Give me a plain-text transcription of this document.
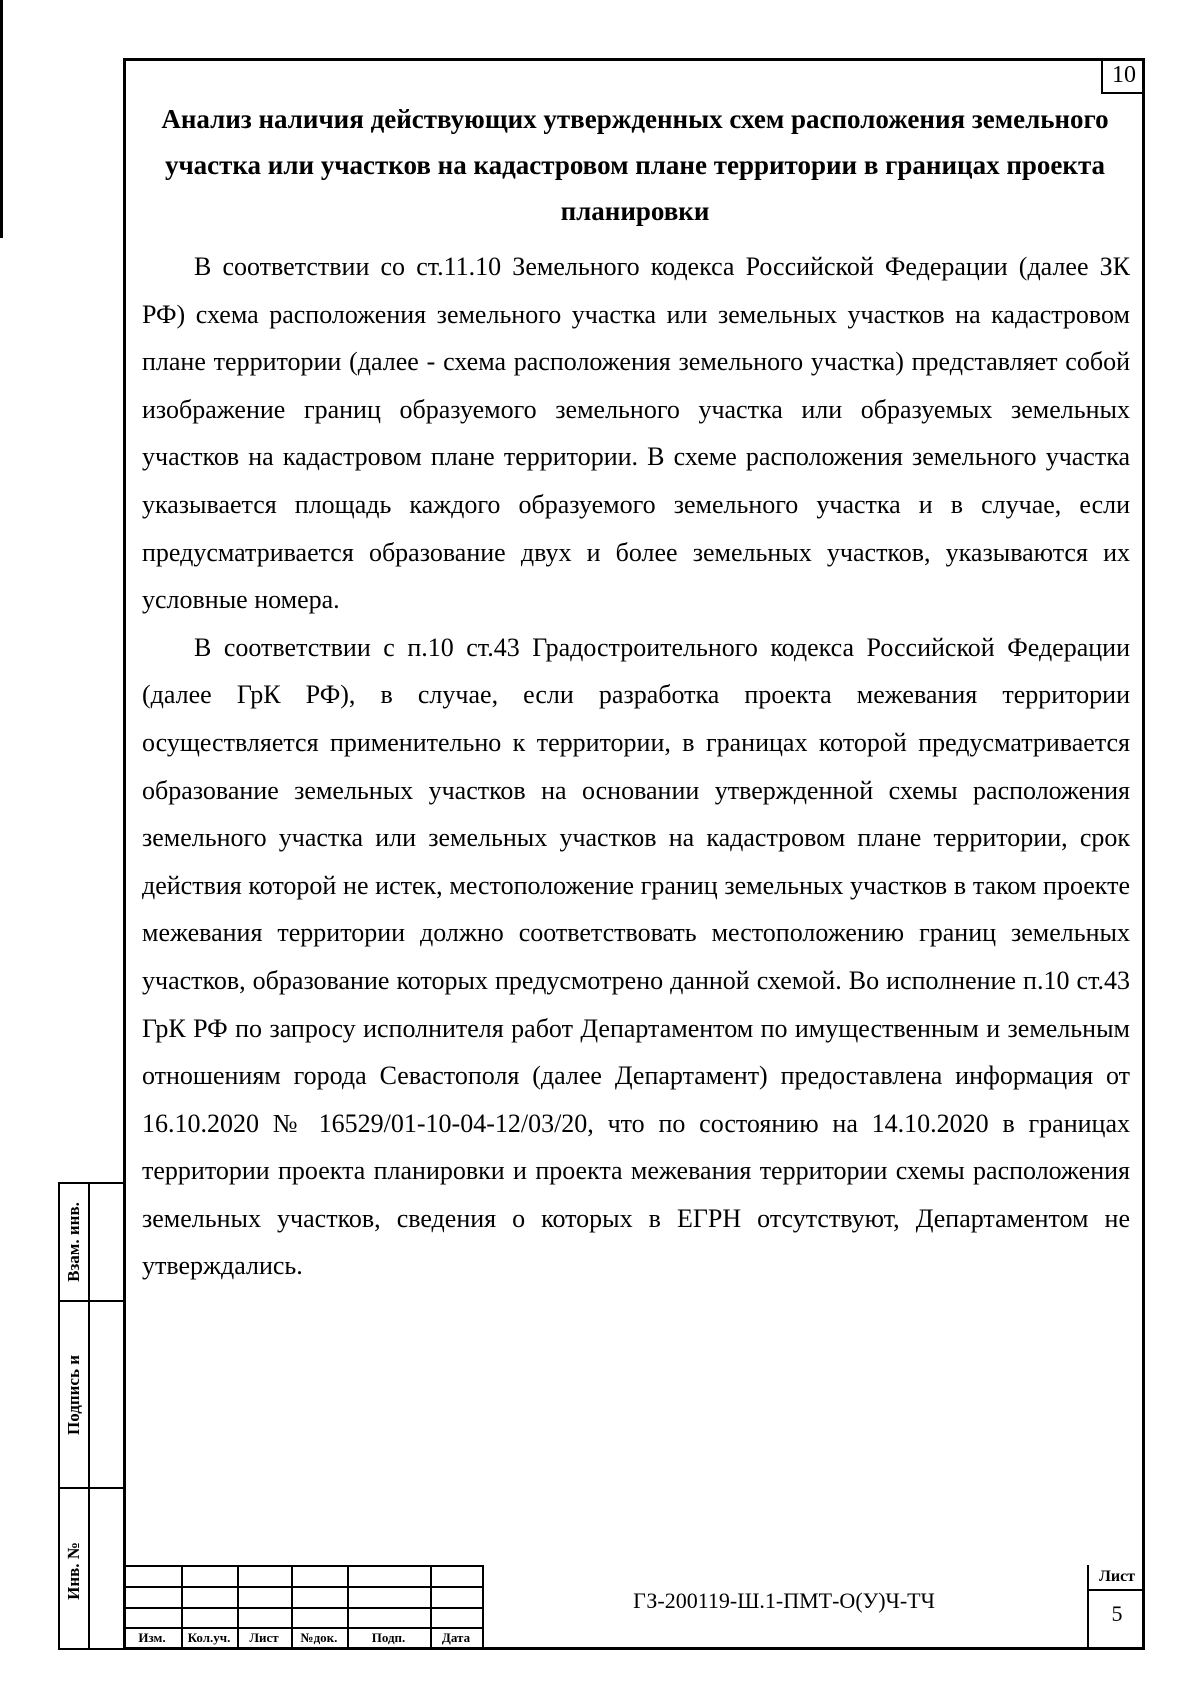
10
Анализ наличия действующих утвержденных схем расположения земельного участка или участков на кадастровом плане территории в границах проекта планировки

В соответствии со ст.11.10 Земельного кодекса Российской Федерации (далее ЗК РФ) схема расположения земельного участка или земельных участков на кадастровом плане территории (далее - схема расположения земельного участка) представляет собой изображение границ образуемого земельного участка или образуемых земельных участков на кадастровом плане территории. В схеме расположения земельного участка указывается площадь каждого образуемого земельного участка и в случае, если предусматривается образование двух и более земельных участков, указываются их условные номера.

В соответствии с п.10 ст.43 Градостроительного кодекса Российской Федерации (далее ГрК РФ), в случае, если разработка проекта межевания территории осуществляется применительно к территории, в границах которой предусматривается образование земельных участков на основании утвержденной схемы расположения земельного участка или земельных участков на кадастровом плане территории, срок действия которой не истек, местоположение границ земельных участков в таком проекте межевания территории должно соответствовать местоположению границ земельных участков, образование которых предусмотрено данной схемой. Во исполнение п.10 ст.43 ГрК РФ по запросу исполнителя работ Департаментом по имущественным и земельным отношениям города Севастополя (далее Департамент) предоставлена информация от 16.10.2020 № 16529/01-10-04-12/03/20, что по состоянию на 14.10.2020 в границах территории проекта планировки и проекта межевания территории схемы расположения земельных участков, сведения о которых в ЕГРН отсутствуют, Департаментом не утверждались.

Взам. инв.
Подпись и
Инв. №
Изм.	Кол.уч.	Лист	№док.	Подп.	Дата
ГЗ-200119-Ш.1-ПМТ-О(У)Ч-ТЧ
Лист
5
